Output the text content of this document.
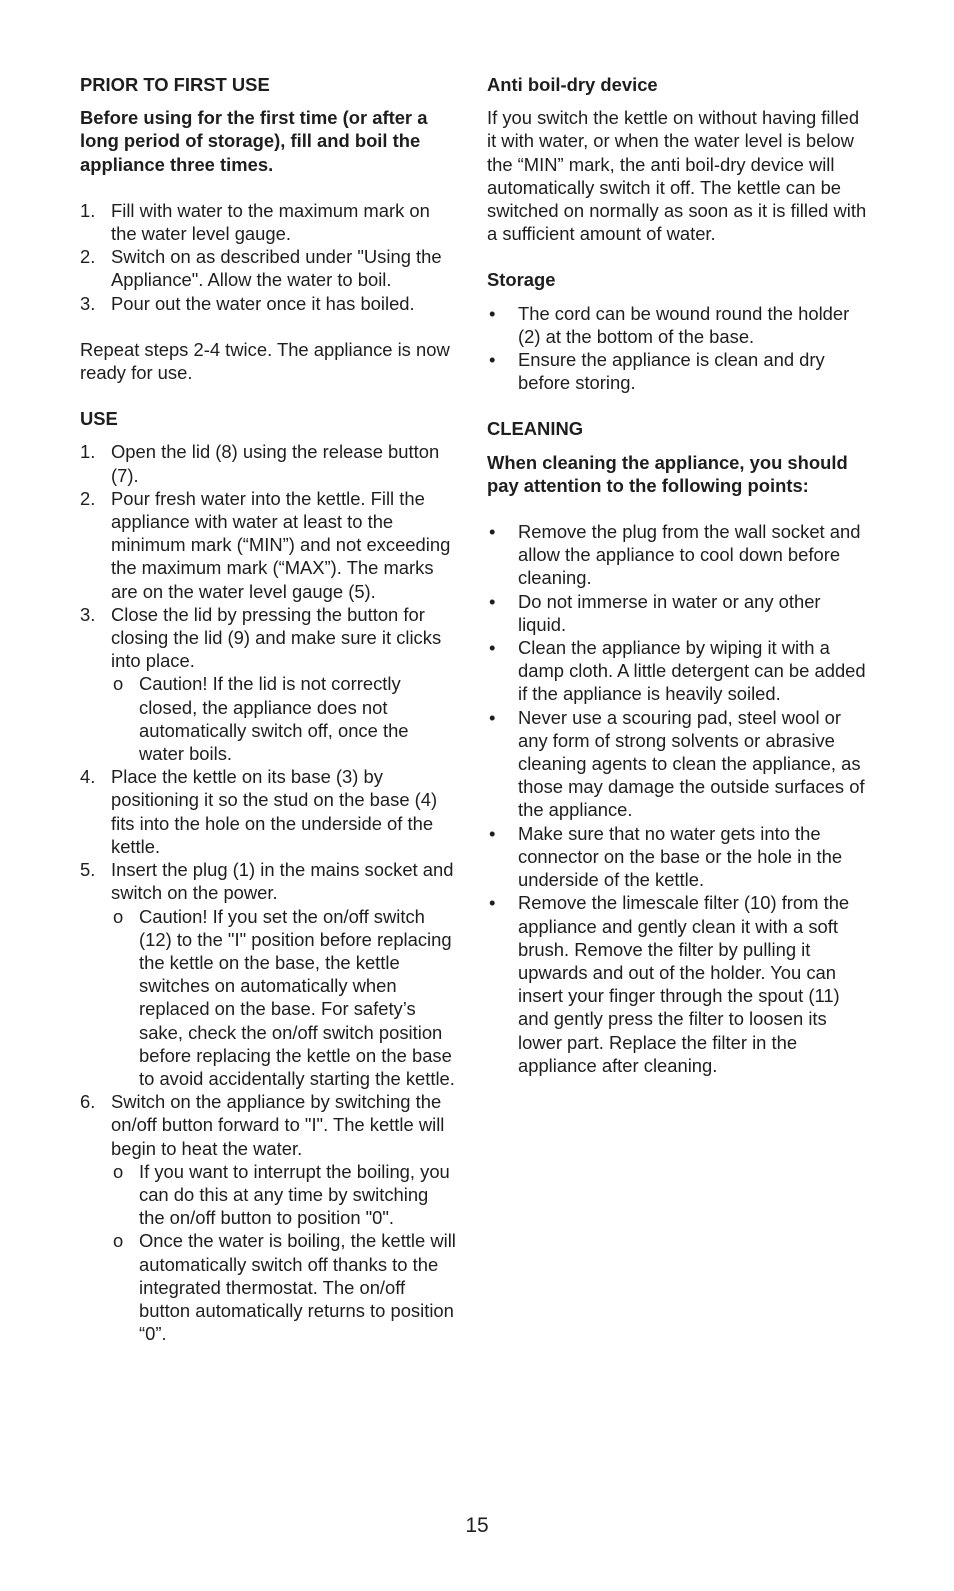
PRIOR TO FIRST USE

Before using for the first time (or after a long period of storage), fill and boil the appliance three times.

1. Fill with water to the maximum mark on the water level gauge.
2. Switch on as described under "Using the Appliance". Allow the water to boil.
3. Pour out the water once it has boiled.

Repeat steps 2-4 twice. The appliance is now ready for use.

USE
1. Open the lid (8) using the release button (7).
2. Pour fresh water into the kettle. Fill the appliance with water at least to the minimum mark (“MIN”) and not exceeding the maximum mark (“MAX”). The marks are on the water level gauge (5).
3. Close the lid by pressing the button for closing the lid (9) and make sure it clicks into place.
o Caution! If the lid is not correctly closed, the appliance does not automatically switch off, once the water boils.
4. Place the kettle on its base (3) by positioning it so the stud on the base (4) fits into the hole on the underside of the kettle.
5. Insert the plug (1) in the mains socket and switch on the power.
o Caution! If you set the on/off switch (12) to the "I" position before replacing the kettle on the base, the kettle switches on automatically when replaced on the base. For safety’s sake, check the on/off switch position before replacing the kettle on the base to avoid accidentally starting the kettle.
6. Switch on the appliance by switching the on/off button forward to "I". The kettle will begin to heat the water.
o If you want to interrupt the boiling, you can do this at any time by switching the on/off button to position "0".
o Once the water is boiling, the kettle will automatically switch off thanks to the integrated thermostat. The on/off button automatically returns to position “0”.
Anti boil-dry device

If you switch the kettle on without having filled it with water, or when the water level is below the “MIN” mark, the anti boil-dry device will automatically switch it off. The kettle can be switched on normally as soon as it is filled with a sufficient amount of water.

Storage
• The cord can be wound round the holder (2) at the bottom of the base.
• Ensure the appliance is clean and dry before storing.
CLEANING

When cleaning the appliance, you should pay attention to the following points:

• Remove the plug from the wall socket and allow the appliance to cool down before cleaning.
• Do not immerse in water or any other liquid.
• Clean the appliance by wiping it with a damp cloth. A little detergent can be added if the appliance is heavily soiled.
• Never use a scouring pad, steel wool or any form of strong solvents or abrasive cleaning agents to clean the appliance, as those may damage the outside surfaces of the appliance.
• Make sure that no water gets into the connector on the base or the hole in the underside of the kettle.
• Remove the limescale filter (10) from the appliance and gently clean it with a soft brush. Remove the filter by pulling it upwards and out of the holder. You can insert your finger through the spout (11) and gently press the filter to loosen its lower part. Replace the filter in the appliance after cleaning.
15
